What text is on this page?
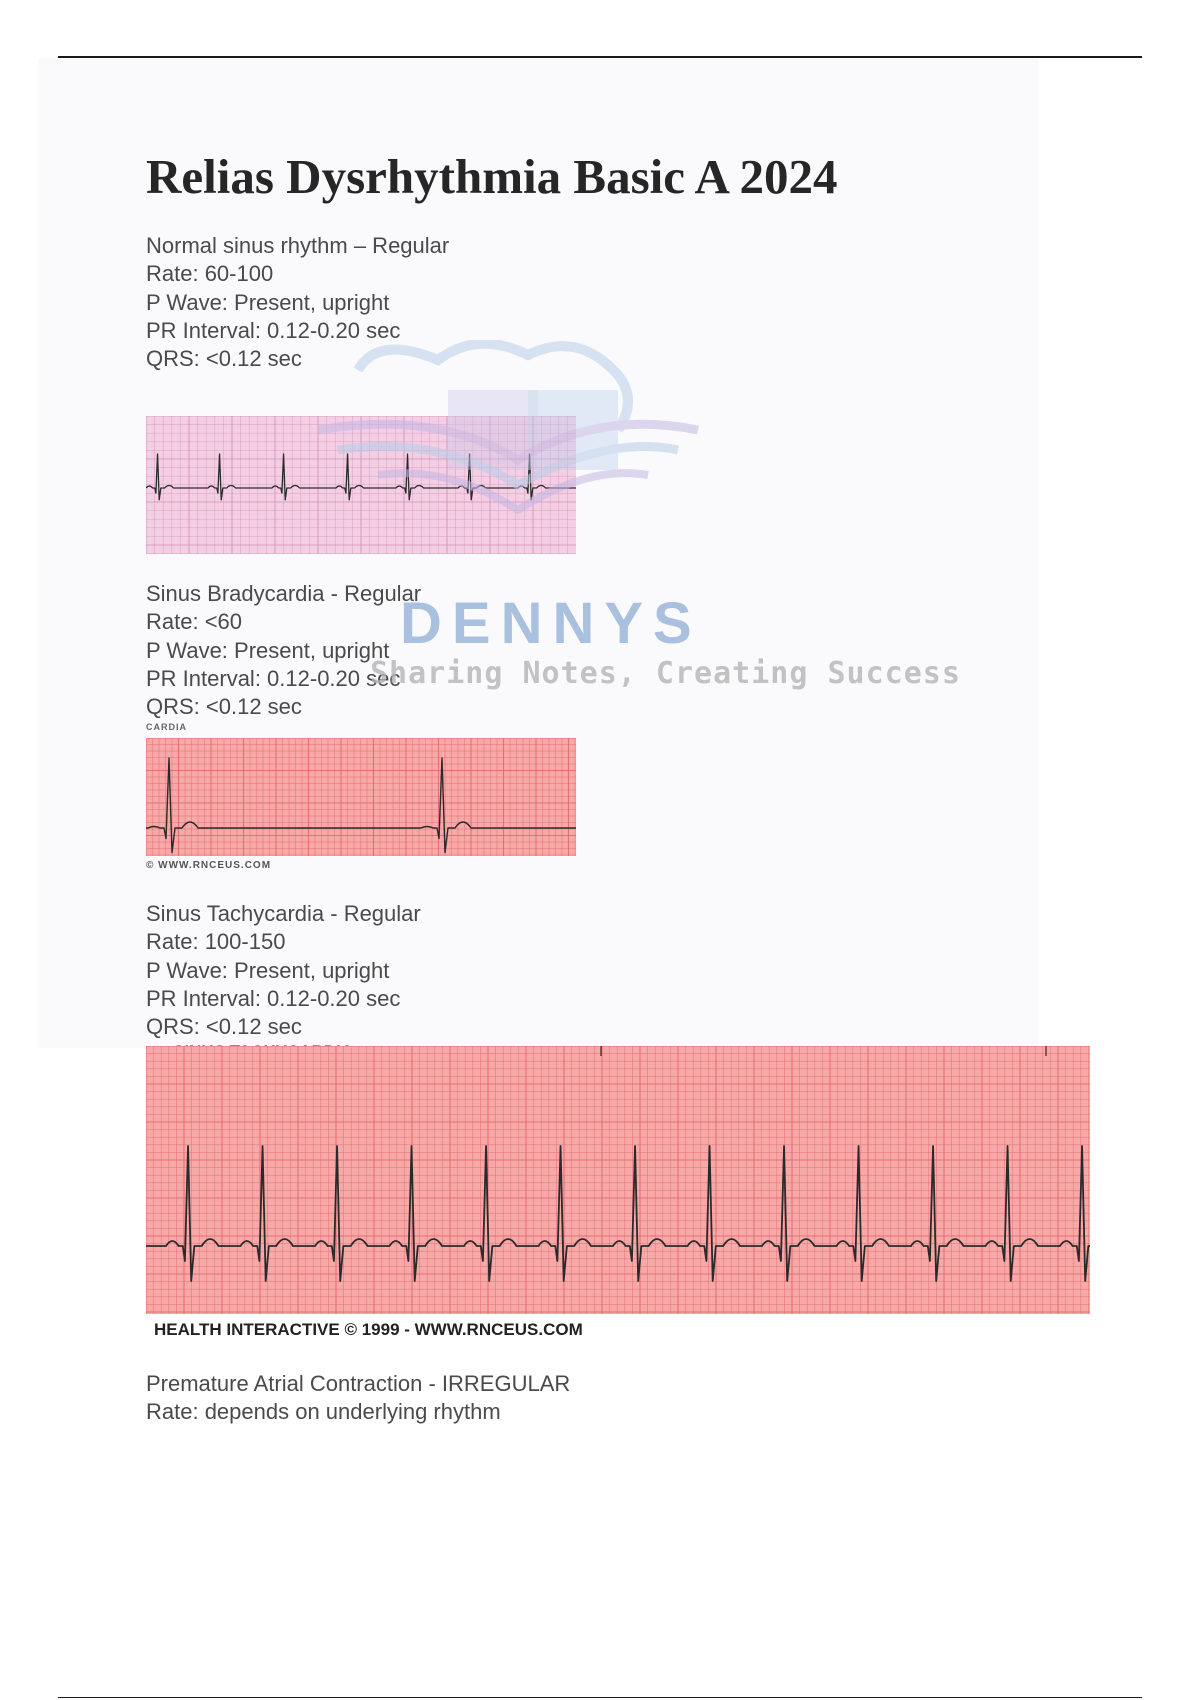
Relias Dysrhythmia Basic A 2024
Normal sinus rhythm – Regular
Rate: 60-100
P Wave: Present, upright
PR Interval: 0.12-0.20 sec
QRS: <0.12 sec
Sinus Bradycardia - Regular
Rate: <60
P Wave: Present, upright
PR Interval: 0.12-0.20 sec
QRS: <0.12 sec
CARDIA
© WWW.RNCEUS.COM
Sinus Tachycardia - Regular
Rate: 100-150
P Wave: Present, upright
PR Interval: 0.12-0.20 sec
QRS: <0.12 sec
HEALTH INTERACTIVE © 1999 - WWW.RNCEUS.COM
Premature Atrial Contraction - IRREGULAR
Rate: depends on underlying rhythm
DENNYS
Sharing Notes, Creating Success
